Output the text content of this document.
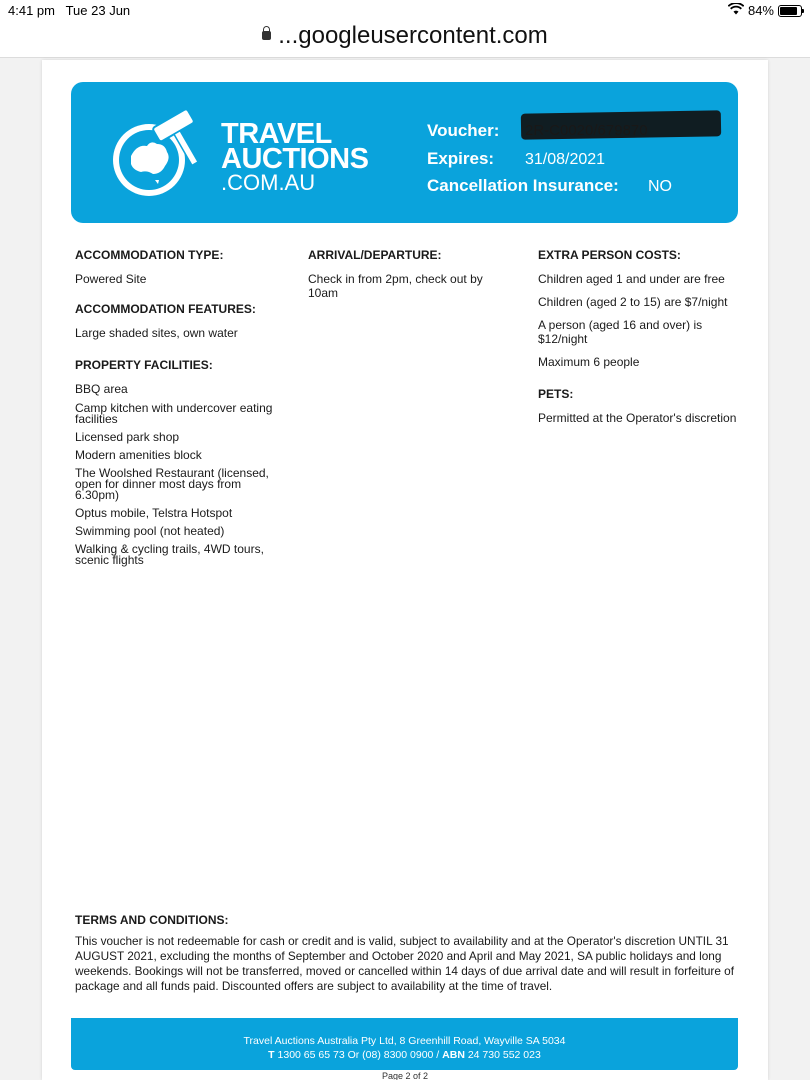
4:41 pm Tue 23 Jun	84%
...googleusercontent.com
TRAVEL
AUCTIONS
.COM.AU
Voucher:
Expires: 31/08/2021
Cancellation Insurance: NO
ACCOMMODATION TYPE:

Powered Site

ACCOMMODATION FEATURES:

Large shaded sites, own water

PROPERTY FACILITIES:

BBQ area

Camp kitchen with undercover eating facilities

Licensed park shop

Modern amenities block

The Woolshed Restaurant (licensed, open for dinner most days from 6.30pm)

Optus mobile, Telstra Hotspot

Swimming pool (not heated)

Walking & cycling trails, 4WD tours, scenic flights

ARRIVAL/DEPARTURE:

Check in from 2pm, check out by 10am

EXTRA PERSON COSTS:

Children aged 1 and under are free

Children (aged 2 to 15) are $7/night

A person (aged 16 and over) is $12/night

Maximum 6 people

PETS:

Permitted at the Operator's discretion

TERMS AND CONDITIONS:

This voucher is not redeemable for cash or credit and is valid, subject to availability and at the Operator's discretion UNTIL 31 AUGUST 2021, excluding the months of September and October 2020 and April and May 2021, SA public holidays and long weekends. Bookings will not be transferred, moved or cancelled within 14 days of due arrival date and will result in forfeiture of package and all funds paid. Discounted offers are subject to availability at the time of travel.

Travel Auctions Australia Pty Ltd, 8 Greenhill Road, Wayville SA 5034
T 1300 65 65 73 Or (08) 8300 0900 / ABN 24 730 552 023
Page 2 of 2
